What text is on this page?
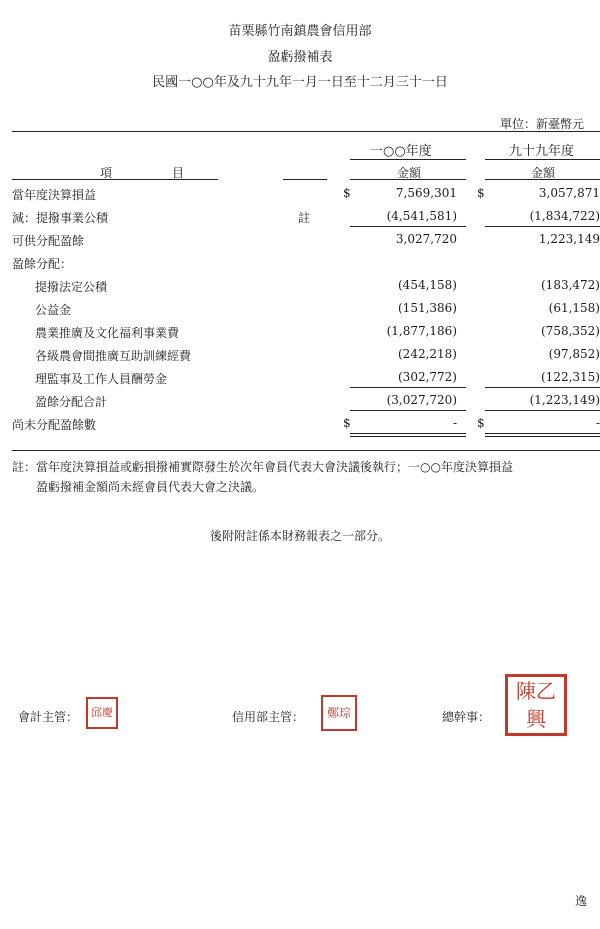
苗栗縣竹南鎮農會信用部
盈虧撥補表
民國一○○年及九十九年一月一日至十二月三十一日
單位：新臺幣元
一○○年度	九十九年度
項　　　　　目	金額	金額
當年度決算損益	$	7,569,301 $	3,057,871
減：提撥事業公積	註	(4,541,581)	(1,834,722)
可供分配盈餘	3,027,720	1,223,149
盈餘分配：
提撥法定公積	(454,158)	(183,472)
公益金	(151,386)	(61,158)
農業推廣及文化福利事業費	(1,877,186)	(758,352)
各級農會間推廣互助訓練經費	(242,218)	(97,852)
理監事及工作人員酬勞金	(302,772)	(122,315)
盈餘分配合計	(3,027,720)	(1,223,149)
尚未分配盈餘數	$	- $	-
註：當年度決算損益或虧損撥補實際發生於次年會員代表大會決議後執行；一○○年度決算損益
盈虧撥補金額尚未經會員代表大會之決議。
後附附註係本財務報表之一部分。
會計主管： 邱 慶	信用部主管： 鄭 琮	總幹事：
陳 乙
興
逸
